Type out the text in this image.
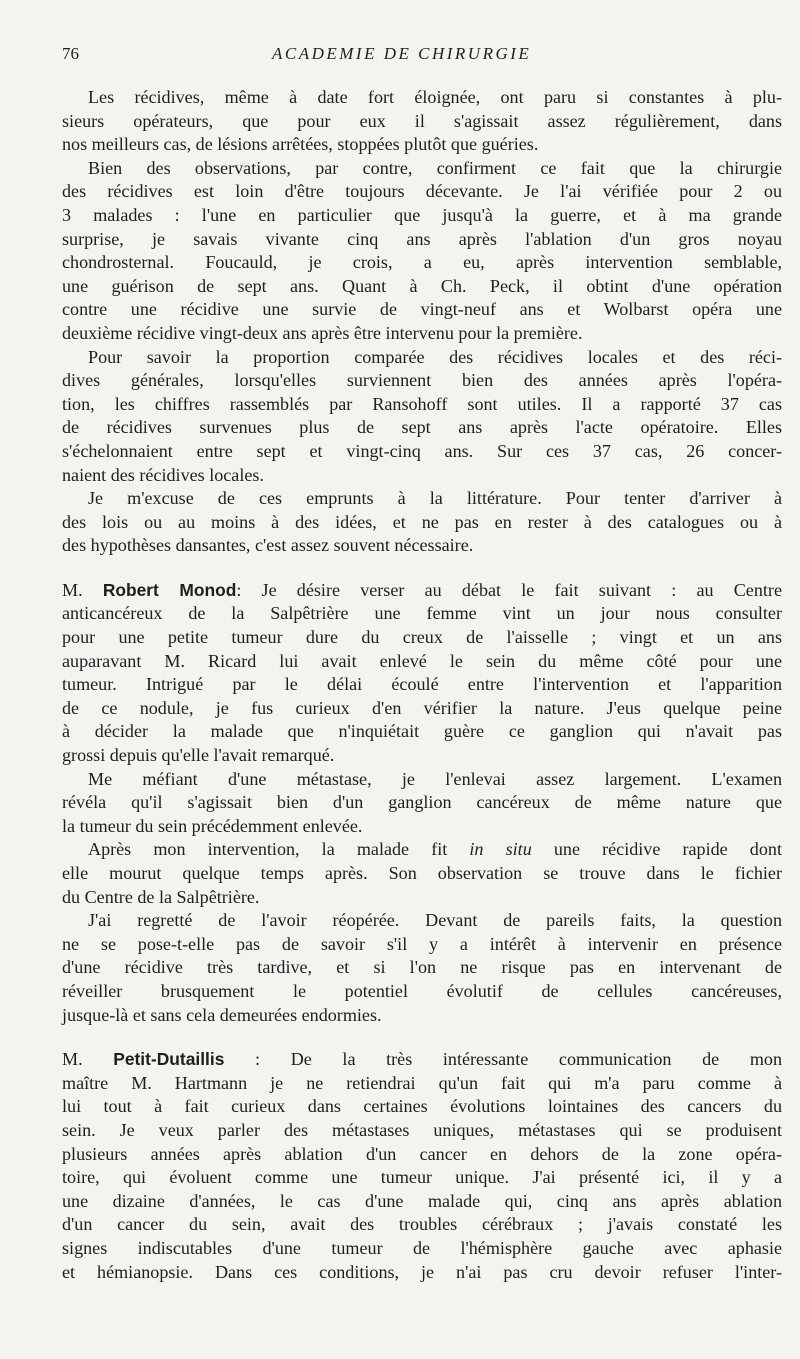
76	ACADEMIE DE CHIRURGIE
Les récidives, même à date fort éloignée, ont paru si constantes à plu-
sieurs opérateurs, que pour eux il s'agissait assez régulièrement, dans
nos meilleurs cas, de lésions arrêtées, stoppées plutôt que guéries.
Bien des observations, par contre, confirment ce fait que la chirurgie
des récidives est loin d'être toujours décevante. Je l'ai vérifiée pour 2 ou
3 malades : l'une en particulier que jusqu'à la guerre, et à ma grande
surprise, je savais vivante cinq ans après l'ablation d'un gros noyau
chondrosternal. Foucauld, je crois, a eu, après intervention semblable,
une guérison de sept ans. Quant à Ch. Peck, il obtint d'une opération
contre une récidive une survie de vingt-neuf ans et Wolbarst opéra une
deuxième récidive vingt-deux ans après être intervenu pour la première.
Pour savoir la proportion comparée des récidives locales et des réci-
dives générales, lorsqu'elles surviennent bien des années après l'opéra-
tion, les chiffres rassemblés par Ransohoff sont utiles. Il a rapporté 37 cas
de récidives survenues plus de sept ans après l'acte opératoire. Elles
s'échelonnaient entre sept et vingt-cinq ans. Sur ces 37 cas, 26 concer-
naient des récidives locales.
Je m'excuse de ces emprunts à la littérature. Pour tenter d'arriver à
des lois ou au moins à des idées, et ne pas en rester à des catalogues ou à
des hypothèses dansantes, c'est assez souvent nécessaire.
M. Robert Monod: Je désire verser au débat le fait suivant : au Centre
anticancéreux de la Salpêtrière une femme vint un jour nous consulter
pour une petite tumeur dure du creux de l'aisselle ; vingt et un ans
auparavant M. Ricard lui avait enlevé le sein du même côté pour une
tumeur. Intrigué par le délai écoulé entre l'intervention et l'apparition
de ce nodule, je fus curieux d'en vérifier la nature. J'eus quelque peine
à décider la malade que n'inquiétait guère ce ganglion qui n'avait pas
grossi depuis qu'elle l'avait remarqué.
Me méfiant d'une métastase, je l'enlevai assez largement. L'examen
révéla qu'il s'agissait bien d'un ganglion cancéreux de même nature que
la tumeur du sein précédemment enlevée.
Après mon intervention, la malade fit in situ une récidive rapide dont
elle mourut quelque temps après. Son observation se trouve dans le fichier
du Centre de la Salpêtrière.
J'ai regretté de l'avoir réopérée. Devant de pareils faits, la question
ne se pose-t-elle pas de savoir s'il y a intérêt à intervenir en présence
d'une récidive très tardive, et si l'on ne risque pas en intervenant de
réveiller brusquement le potentiel évolutif de cellules cancéreuses,
jusque-là et sans cela demeurées endormies.
M. Petit-Dutaillis : De la très intéressante communication de mon
maître M. Hartmann je ne retiendrai qu'un fait qui m'a paru comme à
lui tout à fait curieux dans certaines évolutions lointaines des cancers du
sein. Je veux parler des métastases uniques, métastases qui se produisent
plusieurs années après ablation d'un cancer en dehors de la zone opéra-
toire, qui évoluent comme une tumeur unique. J'ai présenté ici, il y a
une dizaine d'années, le cas d'une malade qui, cinq ans après ablation
d'un cancer du sein, avait des troubles cérébraux ; j'avais constaté les
signes indiscutables d'une tumeur de l'hémisphère gauche avec aphasie
et hémianopsie. Dans ces conditions, je n'ai pas cru devoir refuser l'inter-
